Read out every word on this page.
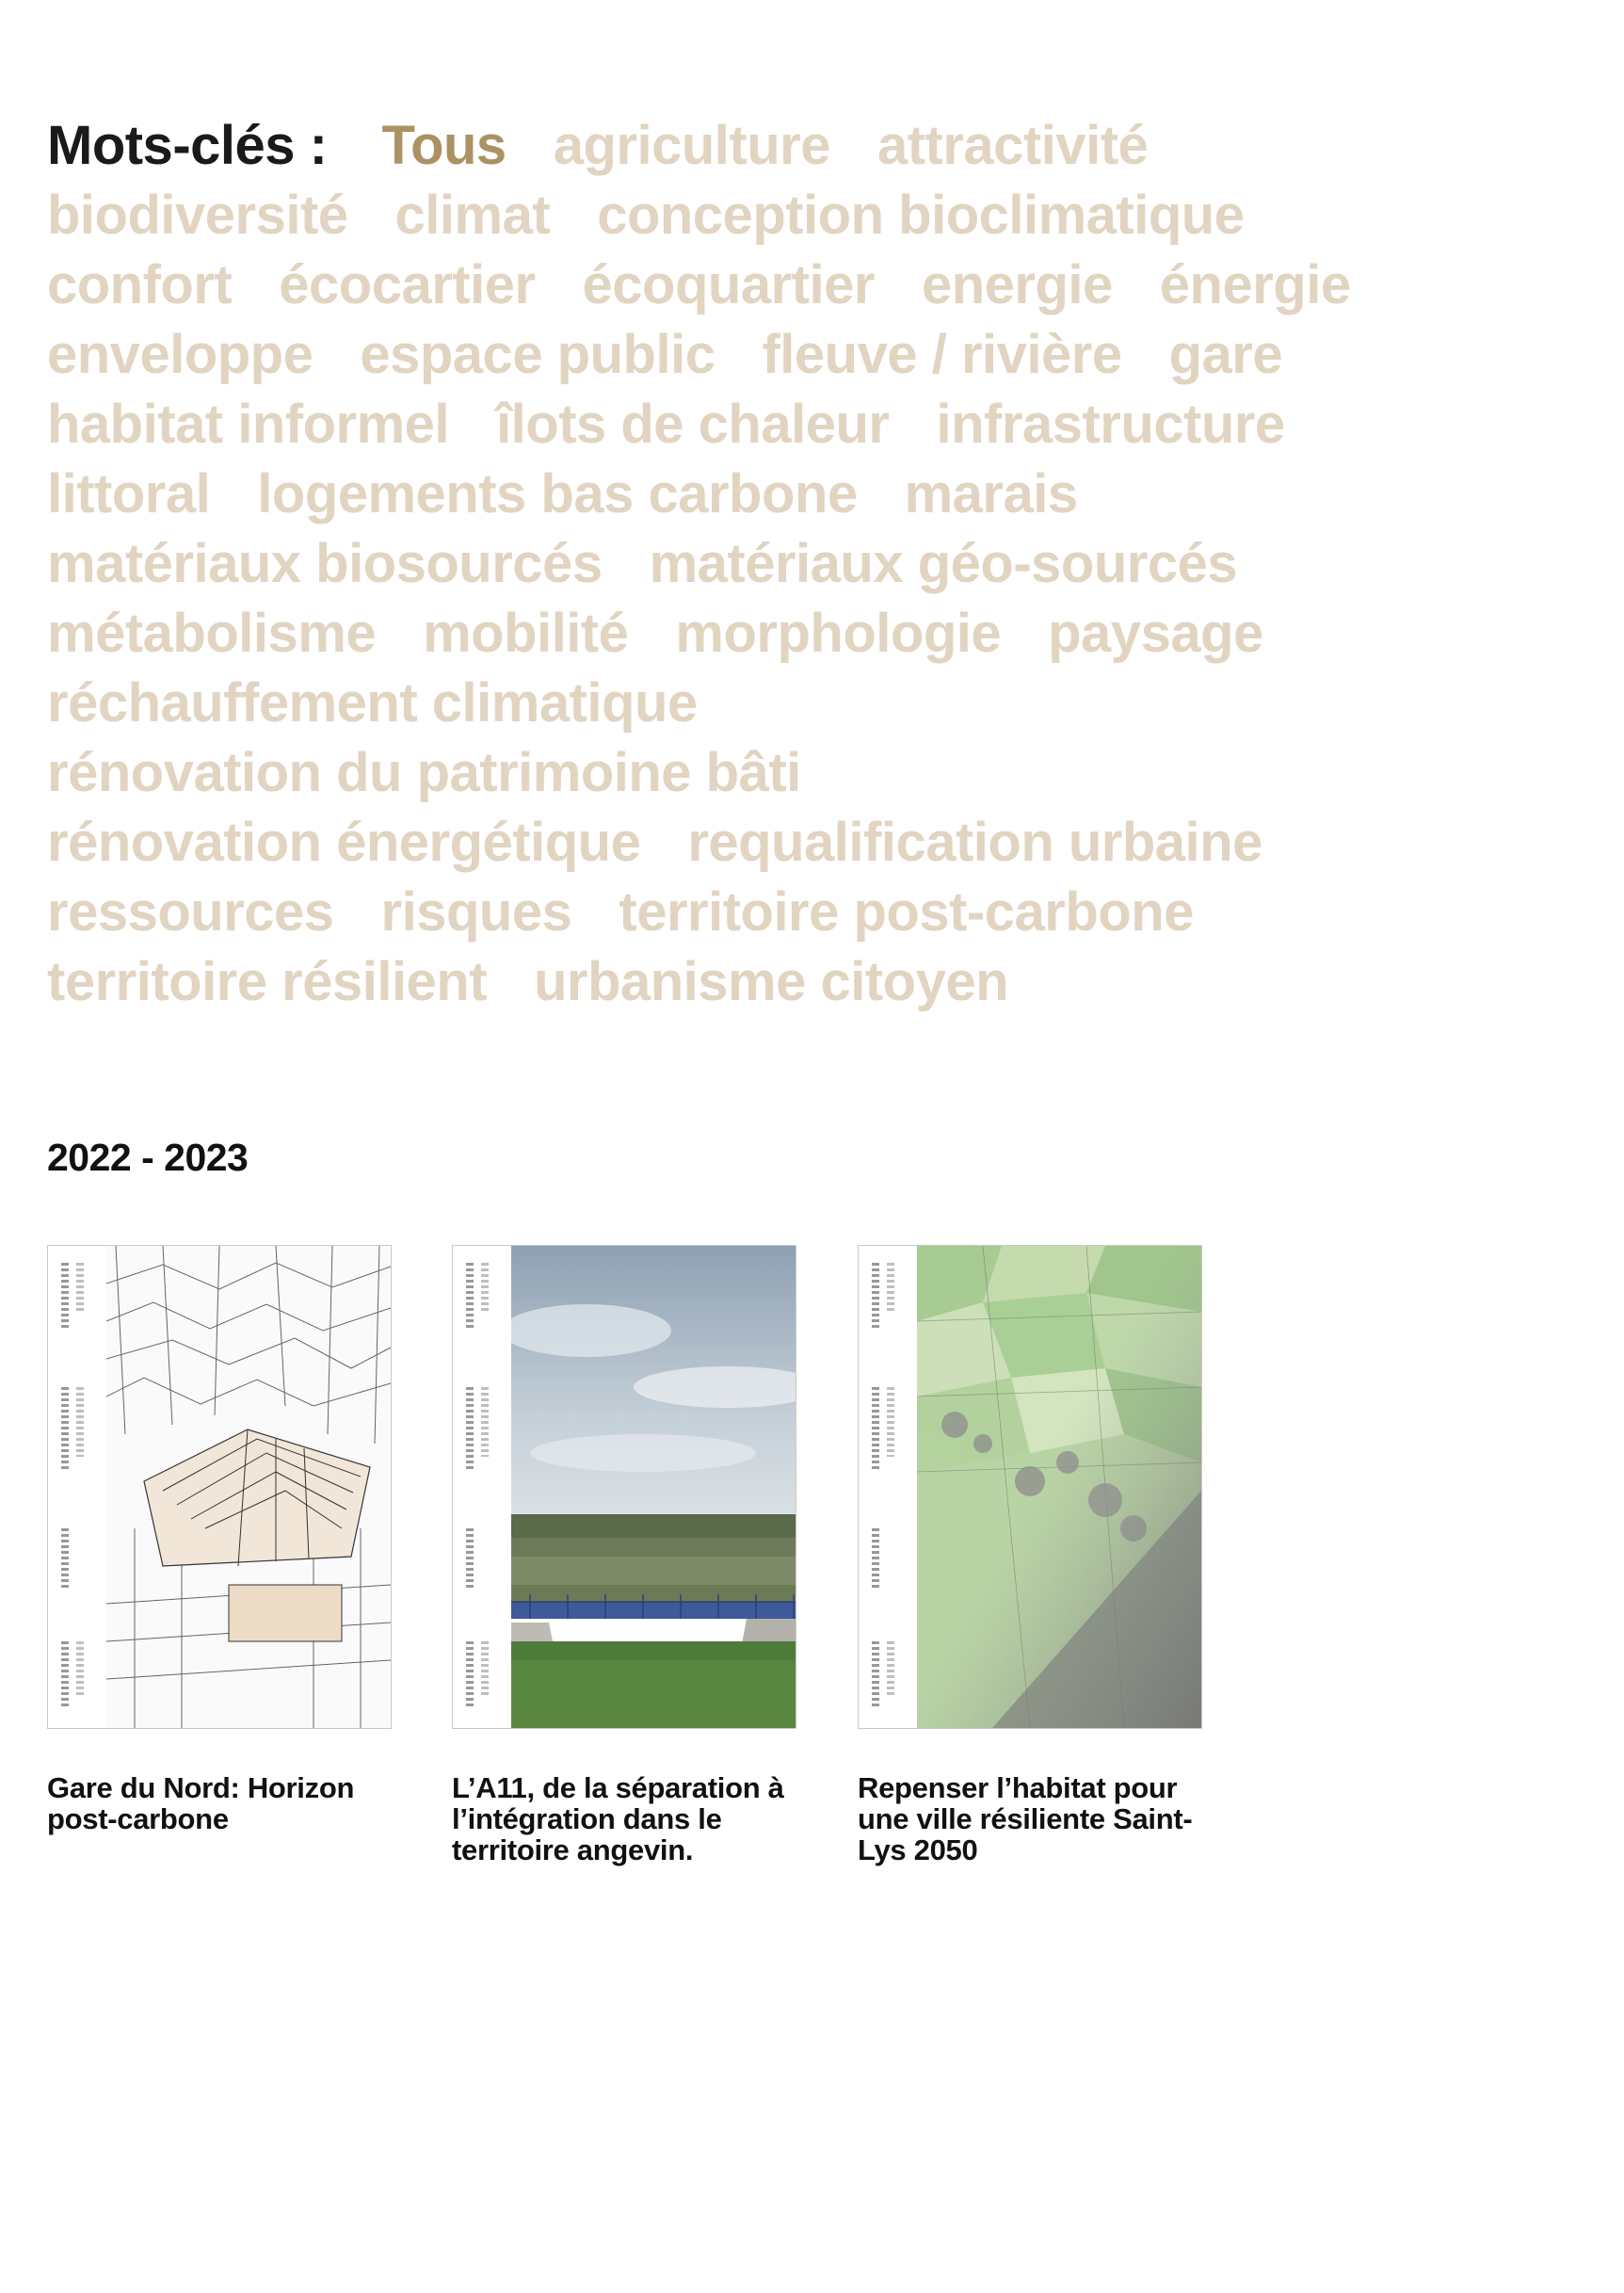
Mots-clés : Tous agriculture attractivité
biodiversité climat conception bioclimatique
confort écocartier écoquartier energie énergie
enveloppe espace public fleuve / rivière gare
habitat informel îlots de chaleur infrastructure
littoral logements bas carbone marais
matériaux biosourcés matériaux géo-sourcés
métabolisme mobilité morphologie paysage
réchauffement climatique
rénovation du patrimoine bâti
rénovation énergétique requalification urbaine
ressources risques territoire post-carbone
territoire résilient urbanisme citoyen
2022 - 2023
Gare du Nord: Horizon post-carbone
L’A11, de la séparation à l’intégration dans le territoire angevin.
Repenser l’habitat pour une ville résiliente Saint-Lys 2050
